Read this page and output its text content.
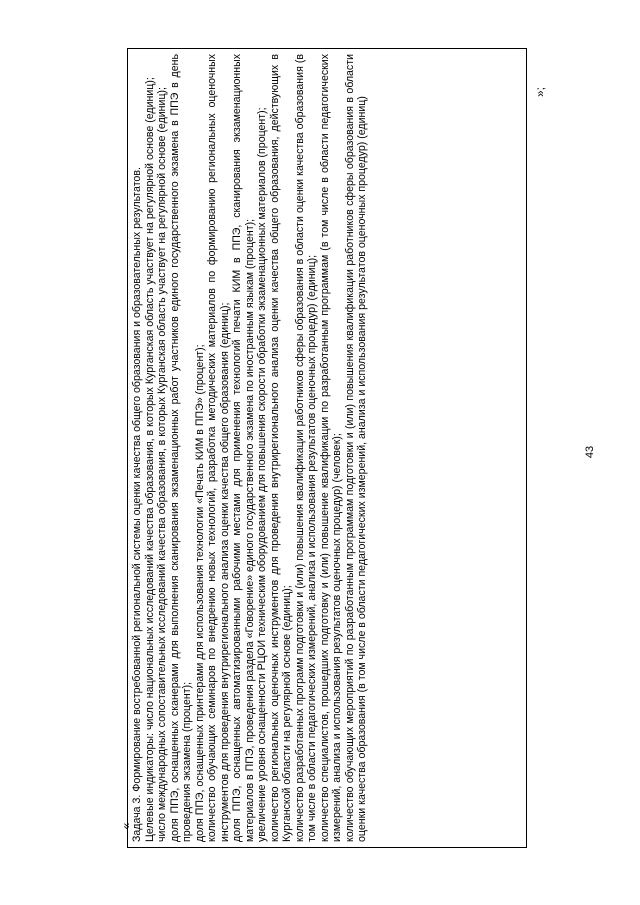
43
«
»;

Задача 3. Формирование востребованной региональной системы оценки качества общего образования и образовательных результатов. Целевые индикаторы: число национальных исследований качества образования, в которых Курганская область участвует на регулярной основе (единиц); число международных сопоставительных исследований качества образования, в которых Курганская область участвует на регулярной основе (единиц); доля ППЭ, оснащенных сканерами для выполнения сканирования экзаменационных работ участников единого государственного экзамена в ППЭ в день проведения экзамена (процент); доля ППЭ, оснащенных принтерами для использования технологии «Печать КИМ в ППЭ» (процент); количество обучающих семинаров по внедрению новых технологий, разработка методических материалов по формированию региональных оценочных инструментов для проведения внутрирегионального анализа оценки качества общего образования (единиц); доля ППЭ, оснащенных автоматизированными рабочими местами для применения технологий печати КИМ в ППЭ, сканирования экзаменационных материалов в ППЭ, проведения раздела «Говорение» единого государственного экзамена по иностранным языкам (процент); увеличение уровня оснащенности РЦОИ техническим оборудованием для повышения скорости обработки экзаменационных материалов (процент); количество региональных оценочных инструментов для проведения внутрирегионального анализа оценки качества общего образования, действующих в Курганской области на регулярной основе (единиц); количество разработанных программ подготовки и (или) повышения квалификации работников сферы образования в области оценки качества образования (в том числе в области педагогических измерений, анализа и использования результатов оценочных процедур) (единиц); количество специалистов, прошедших подготовку и (или) повышение квалификации по разработанным программам (в том числе в области педагогических измерений, анализа и использования результатов оценочных процедур) (человек); количество обучающих мероприятий по разработанным программам подготовки и (или) повышения квалификации работников сферы образования в области оценки качества образования (в том числе в области педагогических измерений, анализа и использования результатов оценочных процедур) (единиц)
